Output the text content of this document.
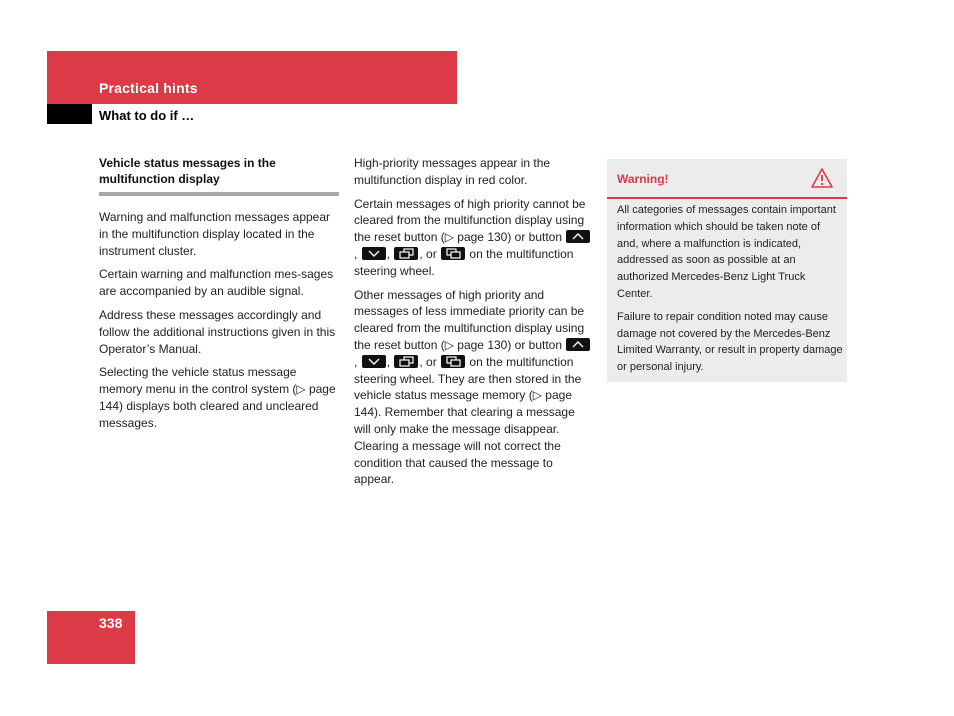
Practical hints
What to do if …
Vehicle status messages in the multifunction display

Warning and malfunction messages appear in the multifunction display located in the instrument cluster.

Certain warning and malfunction mes-sages are accompanied by an audible signal.

Address these messages accordingly and follow the additional instructions given in this Operator’s Manual.

Selecting the vehicle status message memory menu in the control system (▷ page 144) displays both cleared and uncleared messages.

High-priority messages appear in the multifunction display in red color.

Certain messages of high priority cannot be cleared from the multifunction display using the reset button (▷ page 130) or button
, , , or	on the multifunction steering wheel.

Other messages of high priority and messages of less immediate priority can be cleared from the multifunction display using the reset button (▷ page 130) or button
, , , or	on the multifunction steering wheel. They are then stored in the vehicle status message memory (▷ page 144). Remember that clearing a message will only make the message disappear. Clearing a message will not correct the condition that caused the message to appear.

Warning!

All categories of messages contain important information which should be taken note of and, where a malfunction is indicated, addressed as soon as possible at an authorized Mercedes-Benz Light Truck Center.

Failure to repair condition noted may cause damage not covered by the Mercedes-Benz Limited Warranty, or result in property damage or personal injury.

338
